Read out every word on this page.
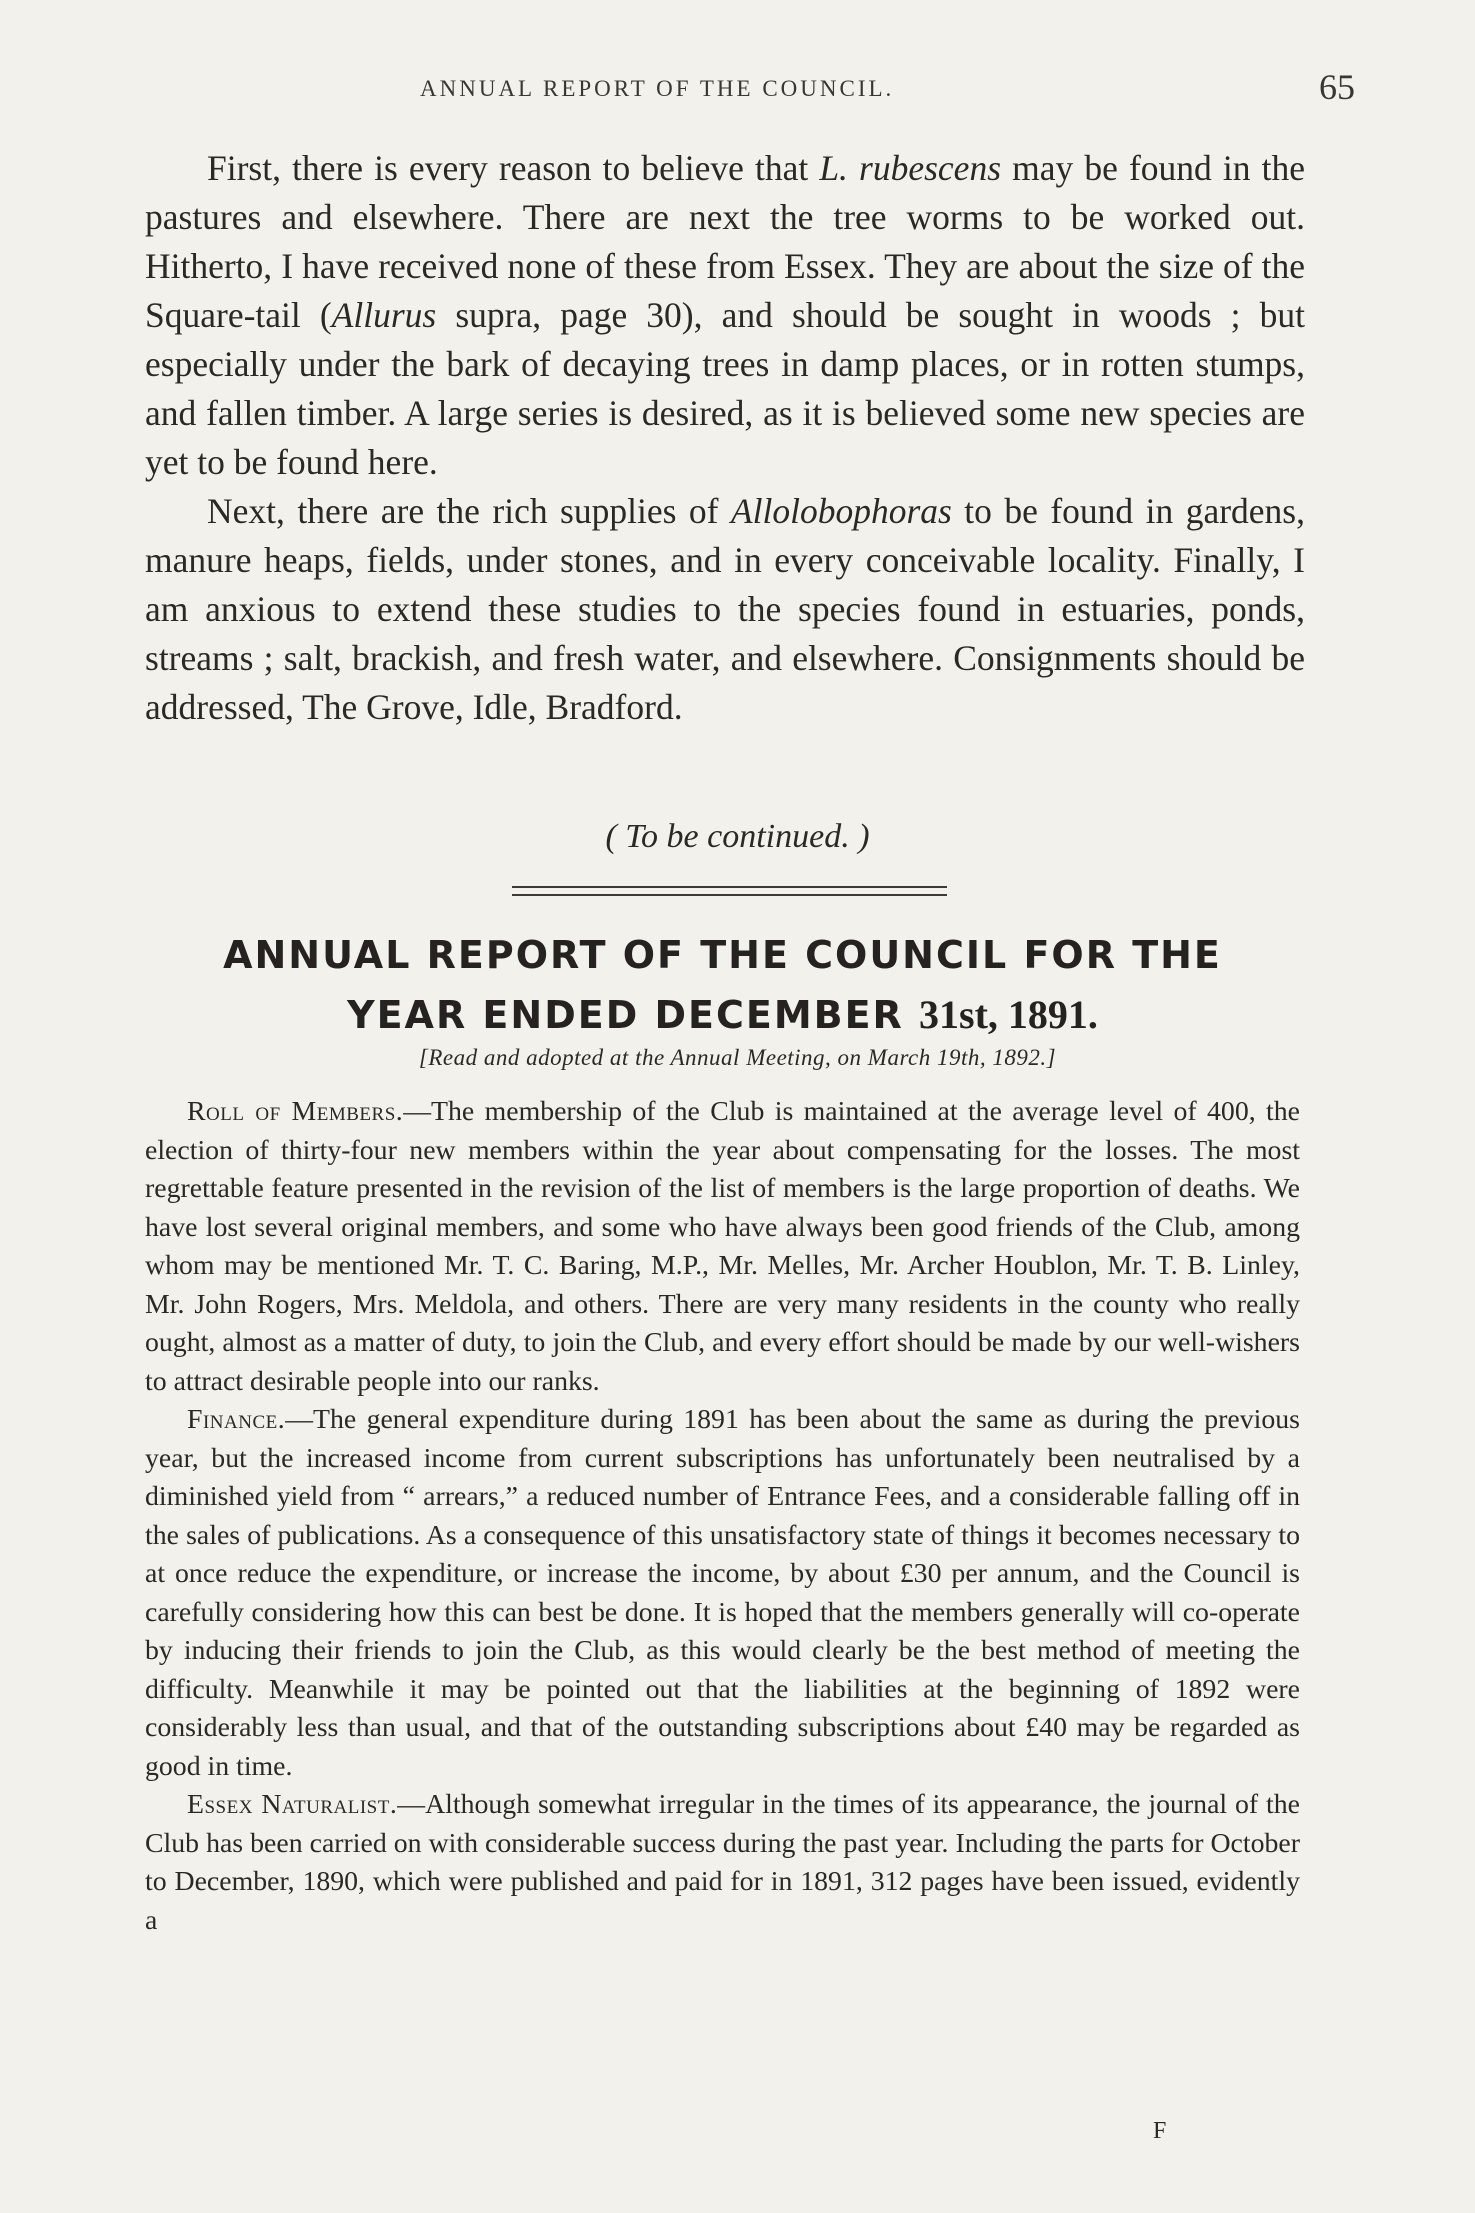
ANNUAL REPORT OF THE COUNCIL.	65

First, there is every reason to believe that L. rubescens may be found in the pastures and elsewhere. There are next the tree worms to be worked out. Hitherto, I have received none of these from Essex. They are about the size of the Square-tail (Allurus supra, page 30), and should be sought in woods ; but especially under the bark of decaying trees in damp places, or in rotten stumps, and fallen timber. A large series is desired, as it is believed some new species are yet to be found here.

Next, there are the rich supplies of Allolobophoras to be found in gardens, manure heaps, fields, under stones, and in every conceivable locality. Finally, I am anxious to extend these studies to the species found in estuaries, ponds, streams ; salt, brackish, and fresh water, and elsewhere. Consignments should be addressed, The Grove, Idle, Bradford.

( To be continued. )
ANNUAL REPORT OF THE COUNCIL FOR THE
YEAR ENDED DECEMBER 31st, 1891.
[Read and adopted at the Annual Meeting, on March 19th, 1892.]

Roll of Members.—The membership of the Club is maintained at the average level of 400, the election of thirty-four new members within the year about compensating for the losses. The most regrettable feature presented in the revision of the list of members is the large proportion of deaths. We have lost several original members, and some who have always been good friends of the Club, among whom may be mentioned Mr. T. C. Baring, M.P., Mr. Melles, Mr. Archer Houblon, Mr. T. B. Linley, Mr. John Rogers, Mrs. Meldola, and others. There are very many residents in the county who really ought, almost as a matter of duty, to join the Club, and every effort should be made by our well-wishers to attract desirable people into our ranks.

Finance.—The general expenditure during 1891 has been about the same as during the previous year, but the increased income from current subscriptions has unfortunately been neutralised by a diminished yield from “ arrears,” a reduced number of Entrance Fees, and a considerable falling off in the sales of publications. As a consequence of this unsatisfactory state of things it becomes necessary to at once reduce the expenditure, or increase the income, by about £30 per annum, and the Council is carefully considering how this can best be done. It is hoped that the members generally will co-operate by inducing their friends to join the Club, as this would clearly be the best method of meeting the difficulty. Meanwhile it may be pointed out that the liabilities at the beginning of 1892 were considerably less than usual, and that of the outstanding subscriptions about £40 may be regarded as good in time.

Essex Naturalist.—Although somewhat irregular in the times of its appearance, the journal of the Club has been carried on with considerable success during the past year. Including the parts for October to December, 1890, which were published and paid for in 1891, 312 pages have been issued, evidently a

F
